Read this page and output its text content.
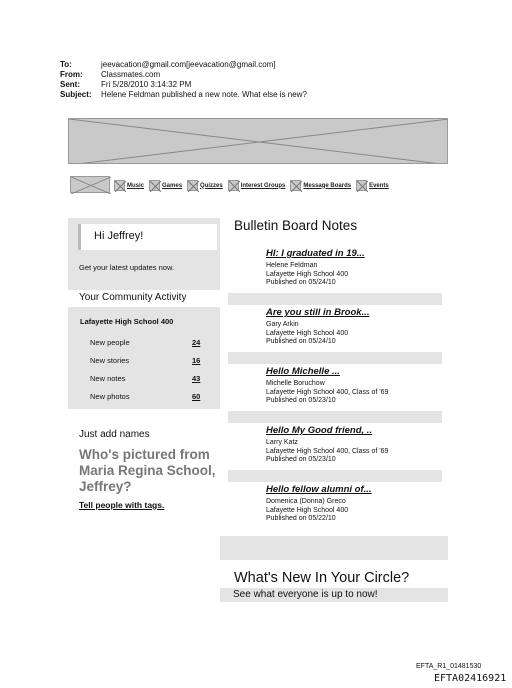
To:	jeevacation@gmail.com[jeevacation@gmail.com]
From:	Classmates.com
Sent:	Fri 5/28/2010 3:14:32 PM
Subject:	Helene Feldman published a new note. What else is new?
Music	Games	Quizzes	Interest Groups	Message Boards	Events
Hi Jeffrey!
Get your latest updates now.
Your Community Activity
Lafayette High School 400
New people	24
New stories	16
New notes	43
New photos	60
Just add names
Who's pictured from Maria Regina School, Jeffrey?
Tell people with tags.
Bulletin Board Notes
HI: I graduated in 19...
Helene Feldman
Lafayette High School 400
Published on 05/24/10
Are you still in Brook...
Gary Arkin
Lafayette High School 400
Published on 05/24/10
Hello Michelle ...
Michelle Boruchow
Lafayette High School 400, Class of '69
Published on 05/23/10
Hello My Good friend, ..
Larry Katz
Lafayette High School 400, Class of '69
Published on 05/23/10
Hello fellow alumni of...
Domenica (Donna) Greco
Lafayette High School 400
Published on 05/22/10
What's New In Your Circle?
See what everyone is up to now!
EFTA_R1_01481530
EFTA02416921
